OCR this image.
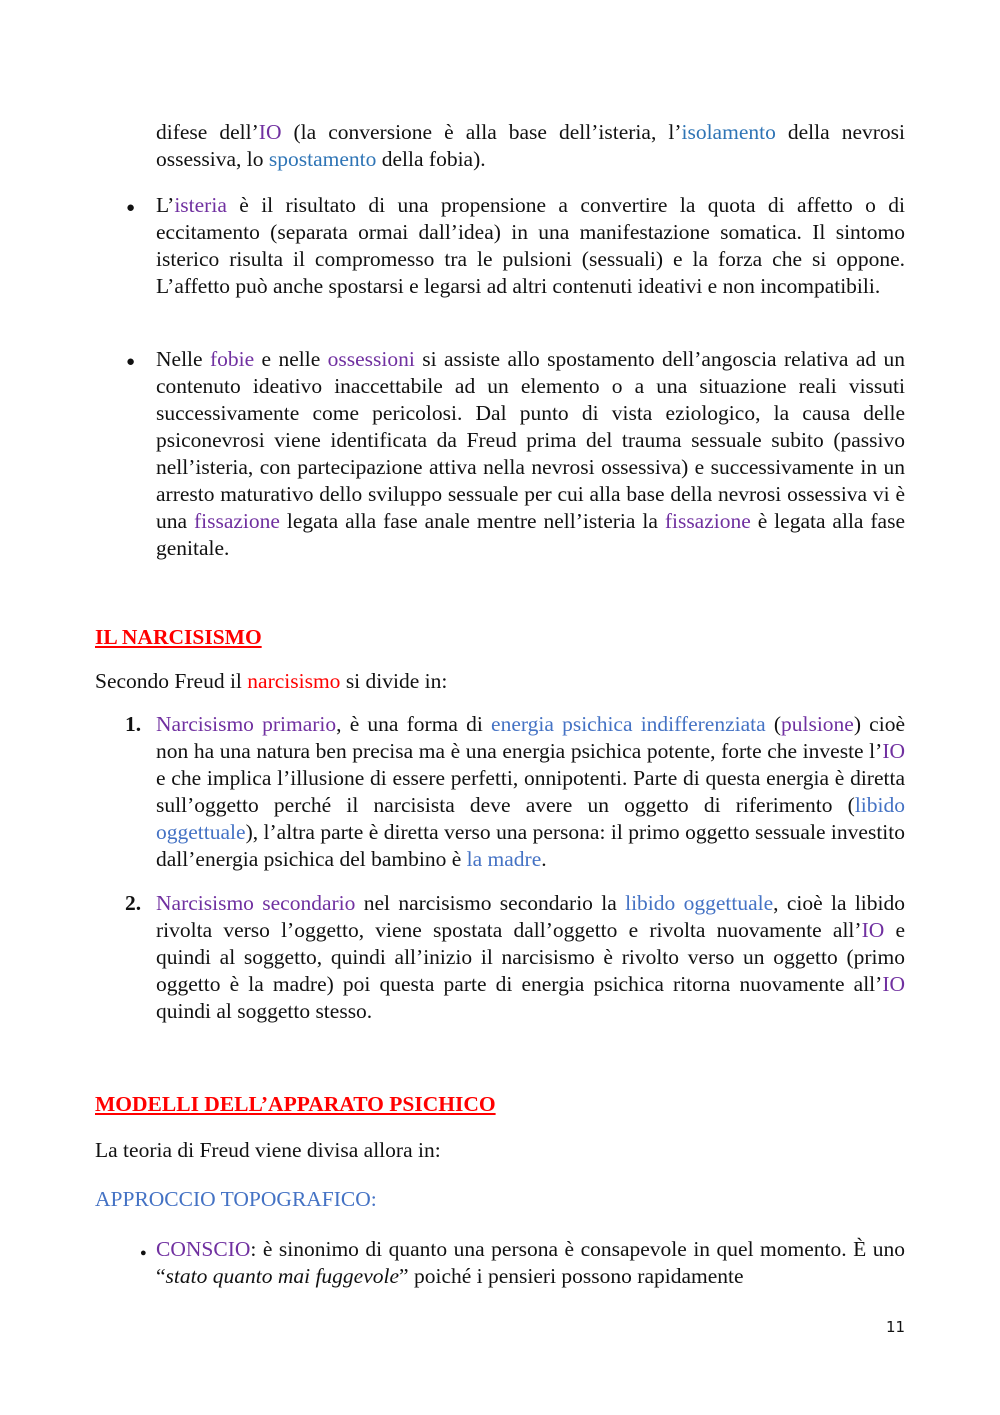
difese dell’IO (la conversione è alla base dell’isteria, l’isolamento della nevrosi ossessiva, lo spostamento della fobia).
● L’isteria è il risultato di una propensione a convertire la quota di affetto o di eccitamento (separata ormai dall’idea) in una manifestazione somatica. Il sintomo isterico risulta il compromesso tra le pulsioni (sessuali) e la forza che si oppone. L’affetto può anche spostarsi e legarsi ad altri contenuti ideativi e non incompatibili.
● Nelle fobie e nelle ossessioni si assiste allo spostamento dell’angoscia relativa ad un contenuto ideativo inaccettabile ad un elemento o a una situazione reali vissuti successivamente come pericolosi. Dal punto di vista eziologico, la causa delle psiconevrosi viene identificata da Freud prima del trauma sessuale subito (passivo nell’isteria, con partecipazione attiva nella nevrosi ossessiva) e successivamente in un arresto maturativo dello sviluppo sessuale per cui alla base della nevrosi ossessiva vi è una fissazione legata alla fase anale mentre nell’isteria la fissazione è legata alla fase genitale.
IL NARCISISMO
Secondo Freud il narcisismo si divide in:
1. Narcisismo primario, è una forma di energia psichica indifferenziata (pulsione) cioè non ha una natura ben precisa ma è una energia psichica potente, forte che investe l’IO e che implica l’illusione di essere perfetti, onnipotenti. Parte di questa energia è diretta sull’oggetto perché il narcisista deve avere un oggetto di riferimento (libido oggettuale), l’altra parte è diretta verso una persona: il primo oggetto sessuale investito dall’energia psichica del bambino è la madre.
2. Narcisismo secondario nel narcisismo secondario la libido oggettuale, cioè la libido rivolta verso l’oggetto, viene spostata dall’oggetto e rivolta nuovamente all’IO e quindi al soggetto, quindi all’inizio il narcisismo è rivolto verso un oggetto (primo oggetto è la madre) poi questa parte di energia psichica ritorna nuovamente all’IO quindi al soggetto stesso.
MODELLI DELL’APPARATO PSICHICO
La teoria di Freud viene divisa allora in:
APPROCCIO TOPOGRAFICO:
● CONSCIO: è sinonimo di quanto una persona è consapevole in quel momento. È uno “stato quanto mai fuggevole” poiché i pensieri possono rapidamente
11
